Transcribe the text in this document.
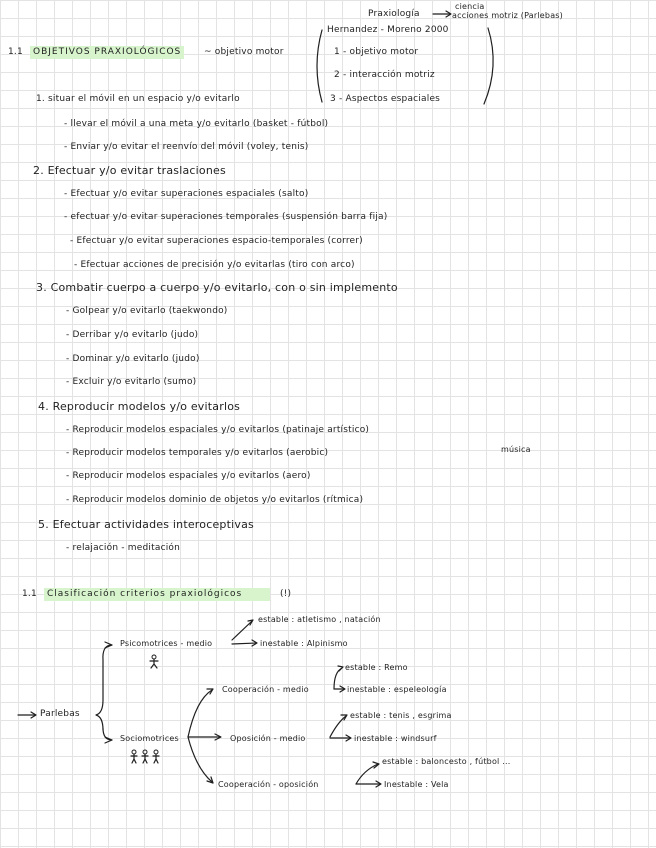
Praxiología
ciencia
acciones motriz (Parlebas)
Hernandez - Moreno 2000
1 - objetivo motor
2 - interacción motriz
3 - Aspectos espaciales
1.1	OBJETIVOS PRAXIOLÓGICOS	~ objetivo motor
1. situar el móvil en un espacio y/o evitarlo
- llevar el móvil a una meta y/o evitarlo (basket - fútbol)
- Enviar y/o evitar el reenvío del móvil (voley, tenis)
2. Efectuar y/o evitar traslaciones
- Efectuar y/o evitar superaciones espaciales (salto)
- efectuar y/o evitar superaciones temporales (suspensión barra fija)
- Efectuar y/o evitar superaciones espacio-temporales (correr)
- Efectuar acciones de precisión y/o evitarlas (tiro con arco)
3. Combatir cuerpo a cuerpo y/o evitarlo, con o sin implemento
- Golpear y/o evitarlo (taekwondo)
- Derribar y/o evitarlo (judo)
- Dominar y/o evitarlo (judo)
- Excluir y/o evitarlo (sumo)
4. Reproducir modelos y/o evitarlos
- Reproducir modelos espaciales y/o evitarlos (patinaje artístico)
- Reproducir modelos temporales y/o evitarlos (aerobic)	música
- Reproducir modelos espaciales y/o evitarlos (aero)
- Reproducir modelos dominio de objetos y/o evitarlos (rítmica)
5. Efectuar actividades interoceptivas
- relajación - meditación
1.1	Clasificación criterios praxiológicos	(!)
Parlebas
Psicomotrices - medio
estable : atletismo , natación
inestable : Alpinismo
Sociomotrices
Cooperación - medio
estable : Remo
inestable : espeleología
Oposición - medio
estable : tenis , esgrima
inestable : windsurf
Cooperación - oposición
estable : baloncesto , fútbol ...
Inestable : Vela
